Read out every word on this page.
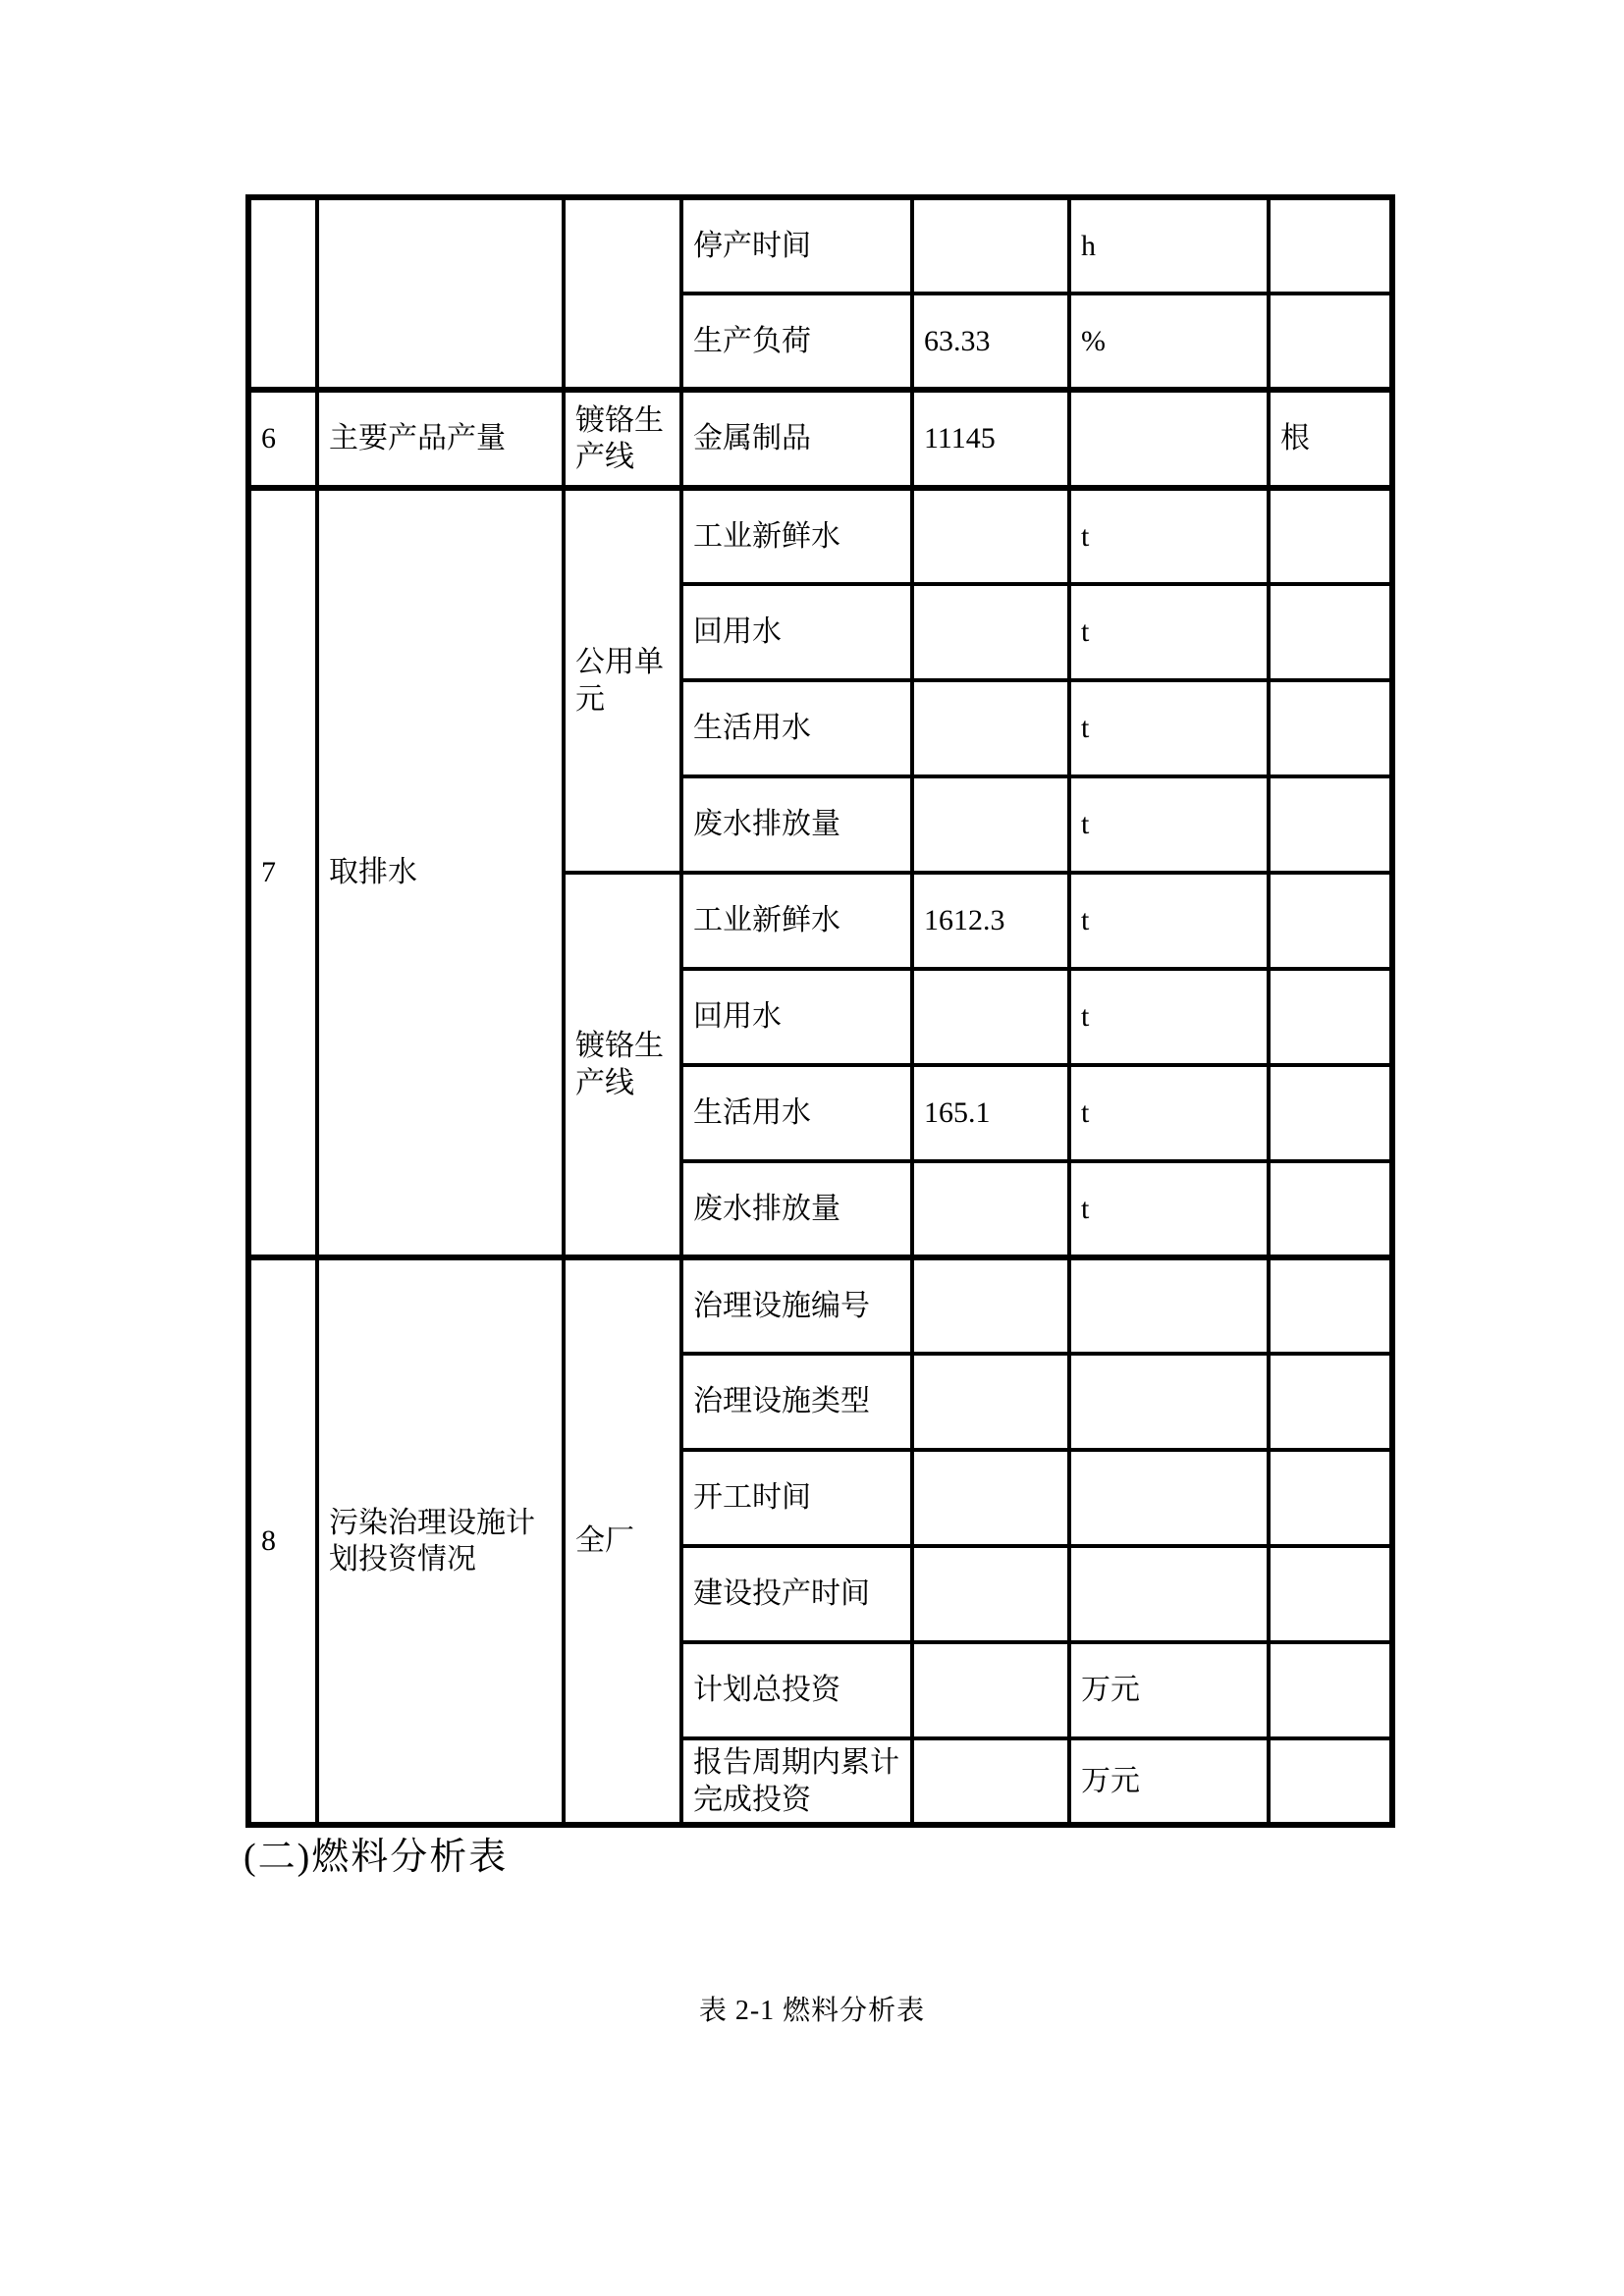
			停产时间		h	
			生产负荷	63.33	%	
6	主要产品产量	镀铬生产线	金属制品	11145		根
7	取排水	公用单元	工业新鲜水		t	
			回用水		t	
			生活用水		t	
			废水排放量		t	
		镀铬生产线	工业新鲜水	1612.3	t	
			回用水		t	
			生活用水	165.1	t	
			废水排放量		t	
8	污染治理设施计划投资情况	全厂	治理设施编号			
			治理设施类型			
			开工时间			
			建设投产时间			
			计划总投资		万元	
			报告周期内累计完成投资		万元	
(二)燃料分析表
表 2-1 燃料分析表
